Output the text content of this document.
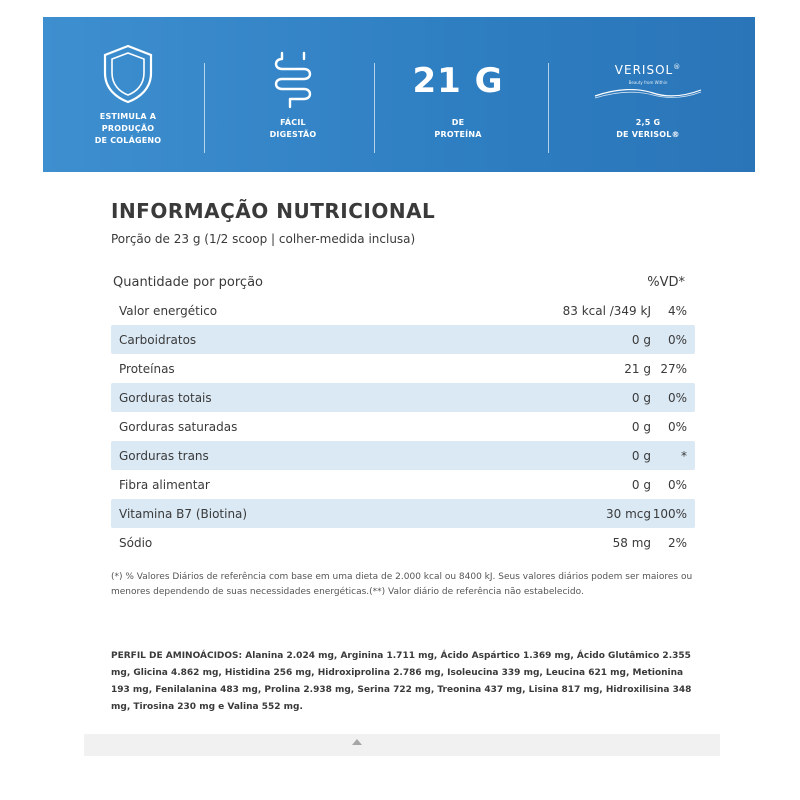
ESTIMULA A
PRODUÇÃO
DE COLÁGENO
FÁCIL
DIGESTÃO
21 G
DE
PROTEÍNA
VERISOL®
Beauty from Within
2,5 G
DE VERISOL®
INFORMAÇÃO NUTRICIONAL
Porção de 23 g (1/2 scoop | colher-medida inclusa)
Quantidade por porção	%VD*
Valor energético	83 kcal /349 kJ 4%
Carboidratos	0 g 0%
Proteínas	21 g 27%
Gorduras totais	0 g 0%
Gorduras saturadas	0 g 0%
Gorduras trans	0 g	*
Fibra alimentar	0 g 0%
Vitamina B7 (Biotina)	30 mcg 100%
Sódio	58 mg 2%
(*) % Valores Diários de referência com base em uma dieta de 2.000 kcal ou 8400 kJ. Seus valores diários podem ser maiores ou menores dependendo de suas necessidades energéticas.(**) Valor diário de referência não estabelecido.
PERFIL DE AMINOÁCIDOS: Alanina 2.024 mg, Arginina 1.711 mg, Ácido Aspártico 1.369 mg, Ácido Glutâmico 2.355 mg, Glicina 4.862 mg, Histidina 256 mg, Hidroxiprolina 2.786 mg, Isoleucina 339 mg, Leucina 621 mg, Metionina 193 mg, Fenilalanina 483 mg, Prolina 2.938 mg, Serina 722 mg, Treonina 437 mg, Lisina 817 mg, Hidroxilisina 348 mg, Tirosina 230 mg e Valina 552 mg.
